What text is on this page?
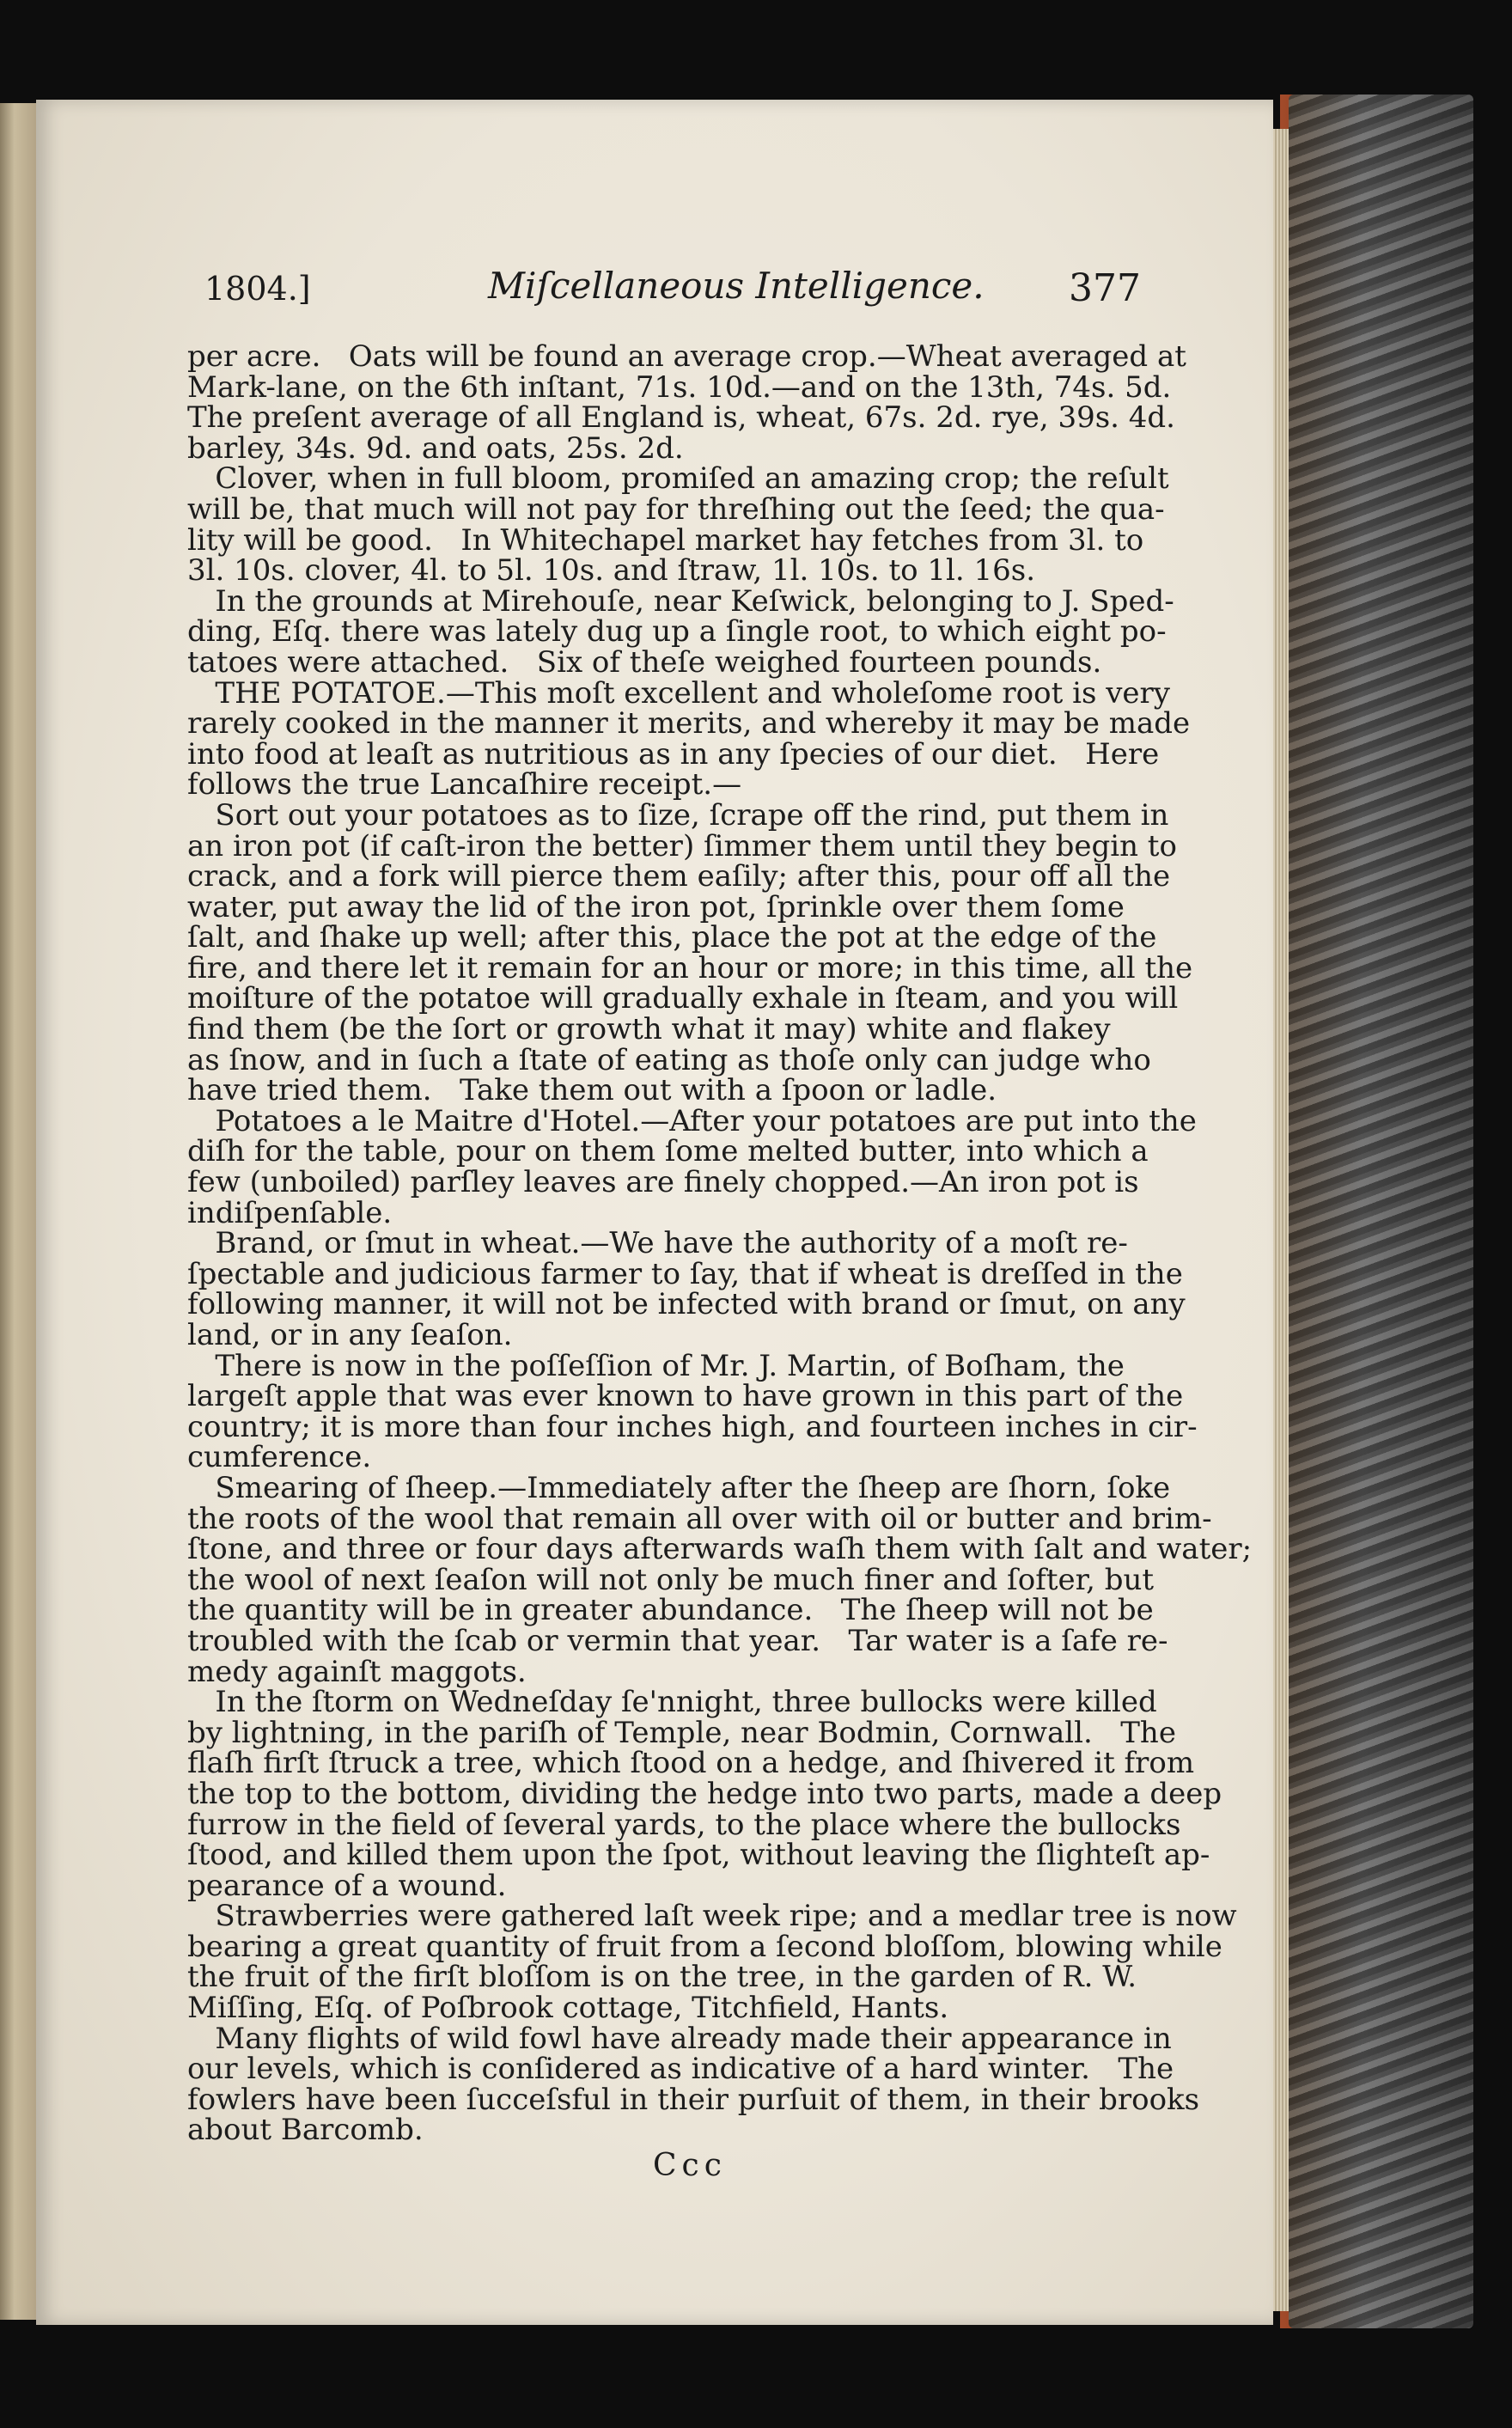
1804.]	Miſcellaneous Intelligence. 377
per acre.   Oats will be found an average crop.—Wheat averaged at
Mark-lane, on the 6th inſtant, 71s. 10d.—and on the 13th, 74s. 5d.
The preſent average of all England is, wheat, 67s. 2d. rye, 39s. 4d.
barley, 34s. 9d. and oats, 25s. 2d.
Clover, when in full bloom, promiſed an amazing crop; the reſult
will be, that much will not pay for threſhing out the ſeed; the qua-
lity will be good.   In Whitechapel market hay fetches from 3l. to
3l. 10s. clover, 4l. to 5l. 10s. and ſtraw, 1l. 10s. to 1l. 16s.
In the grounds at Mirehouſe, near Keſwick, belonging to J. Sped-
ding, Eſq. there was lately dug up a ſingle root, to which eight po-
tatoes were attached.   Six of theſe weighed fourteen pounds.
THE POTATOE.—This moſt excellent and wholeſome root is very
rarely cooked in the manner it merits, and whereby it may be made
into food at leaſt as nutritious as in any ſpecies of our diet.   Here
follows the true Lancaſhire receipt.—
Sort out your potatoes as to ſize, ſcrape off the rind, put them in
an iron pot (if caſt-iron the better) ſimmer them until they begin to
crack, and a fork will pierce them eaſily; after this, pour off all the
water, put away the lid of the iron pot, ſprinkle over them ſome
ſalt, and ſhake up well; after this, place the pot at the edge of the
fire, and there let it remain for an hour or more; in this time, all the
moiſture of the potatoe will gradually exhale in ſteam, and you will
find them (be the ſort or growth what it may) white and flakey
as ſnow, and in ſuch a ſtate of eating as thoſe only can judge who
have tried them.   Take them out with a ſpoon or ladle.
Potatoes a le Maitre d'Hotel.—After your potatoes are put into the
diſh for the table, pour on them ſome melted butter, into which a
few (unboiled) parſley leaves are finely chopped.—An iron pot is
indiſpenſable.
Brand, or ſmut in wheat.—We have the authority of a moſt re-
ſpectable and judicious farmer to ſay, that if wheat is dreſſed in the
following manner, it will not be infected with brand or ſmut, on any
land, or in any ſeaſon.
There is now in the poſſeſſion of Mr. J. Martin, of Boſham, the
largeſt apple that was ever known to have grown in this part of the
country; it is more than four inches high, and fourteen inches in cir-
cumference.
Smearing of ſheep.—Immediately after the ſheep are ſhorn, ſoke
the roots of the wool that remain all over with oil or butter and brim-
ſtone, and three or four days afterwards waſh them with ſalt and water;
the wool of next ſeaſon will not only be much finer and ſofter, but
the quantity will be in greater abundance.   The ſheep will not be
troubled with the ſcab or vermin that year.   Tar water is a ſafe re-
medy againſt maggots.
In the ſtorm on Wedneſday ſe'nnight, three bullocks were killed
by lightning, in the pariſh of Temple, near Bodmin, Cornwall.   The
flaſh firſt ſtruck a tree, which ſtood on a hedge, and ſhivered it from
the top to the bottom, dividing the hedge into two parts, made a deep
furrow in the field of ſeveral yards, to the place where the bullocks
ſtood, and killed them upon the ſpot, without leaving the ſlighteſt ap-
pearance of a wound.
Strawberries were gathered laſt week ripe; and a medlar tree is now
bearing a great quantity of fruit from a ſecond bloſſom, blowing while
the fruit of the firſt bloſſom is on the tree, in the garden of R. W.
Miſſing, Eſq. of Poſbrook cottage, Titchfield, Hants.
Many flights of wild fowl have already made their appearance in
our levels, which is conſidered as indicative of a hard winter.   The
fowlers have been ſucceſsful in their purſuit of them, in their brooks
about Barcomb.
Ccc
